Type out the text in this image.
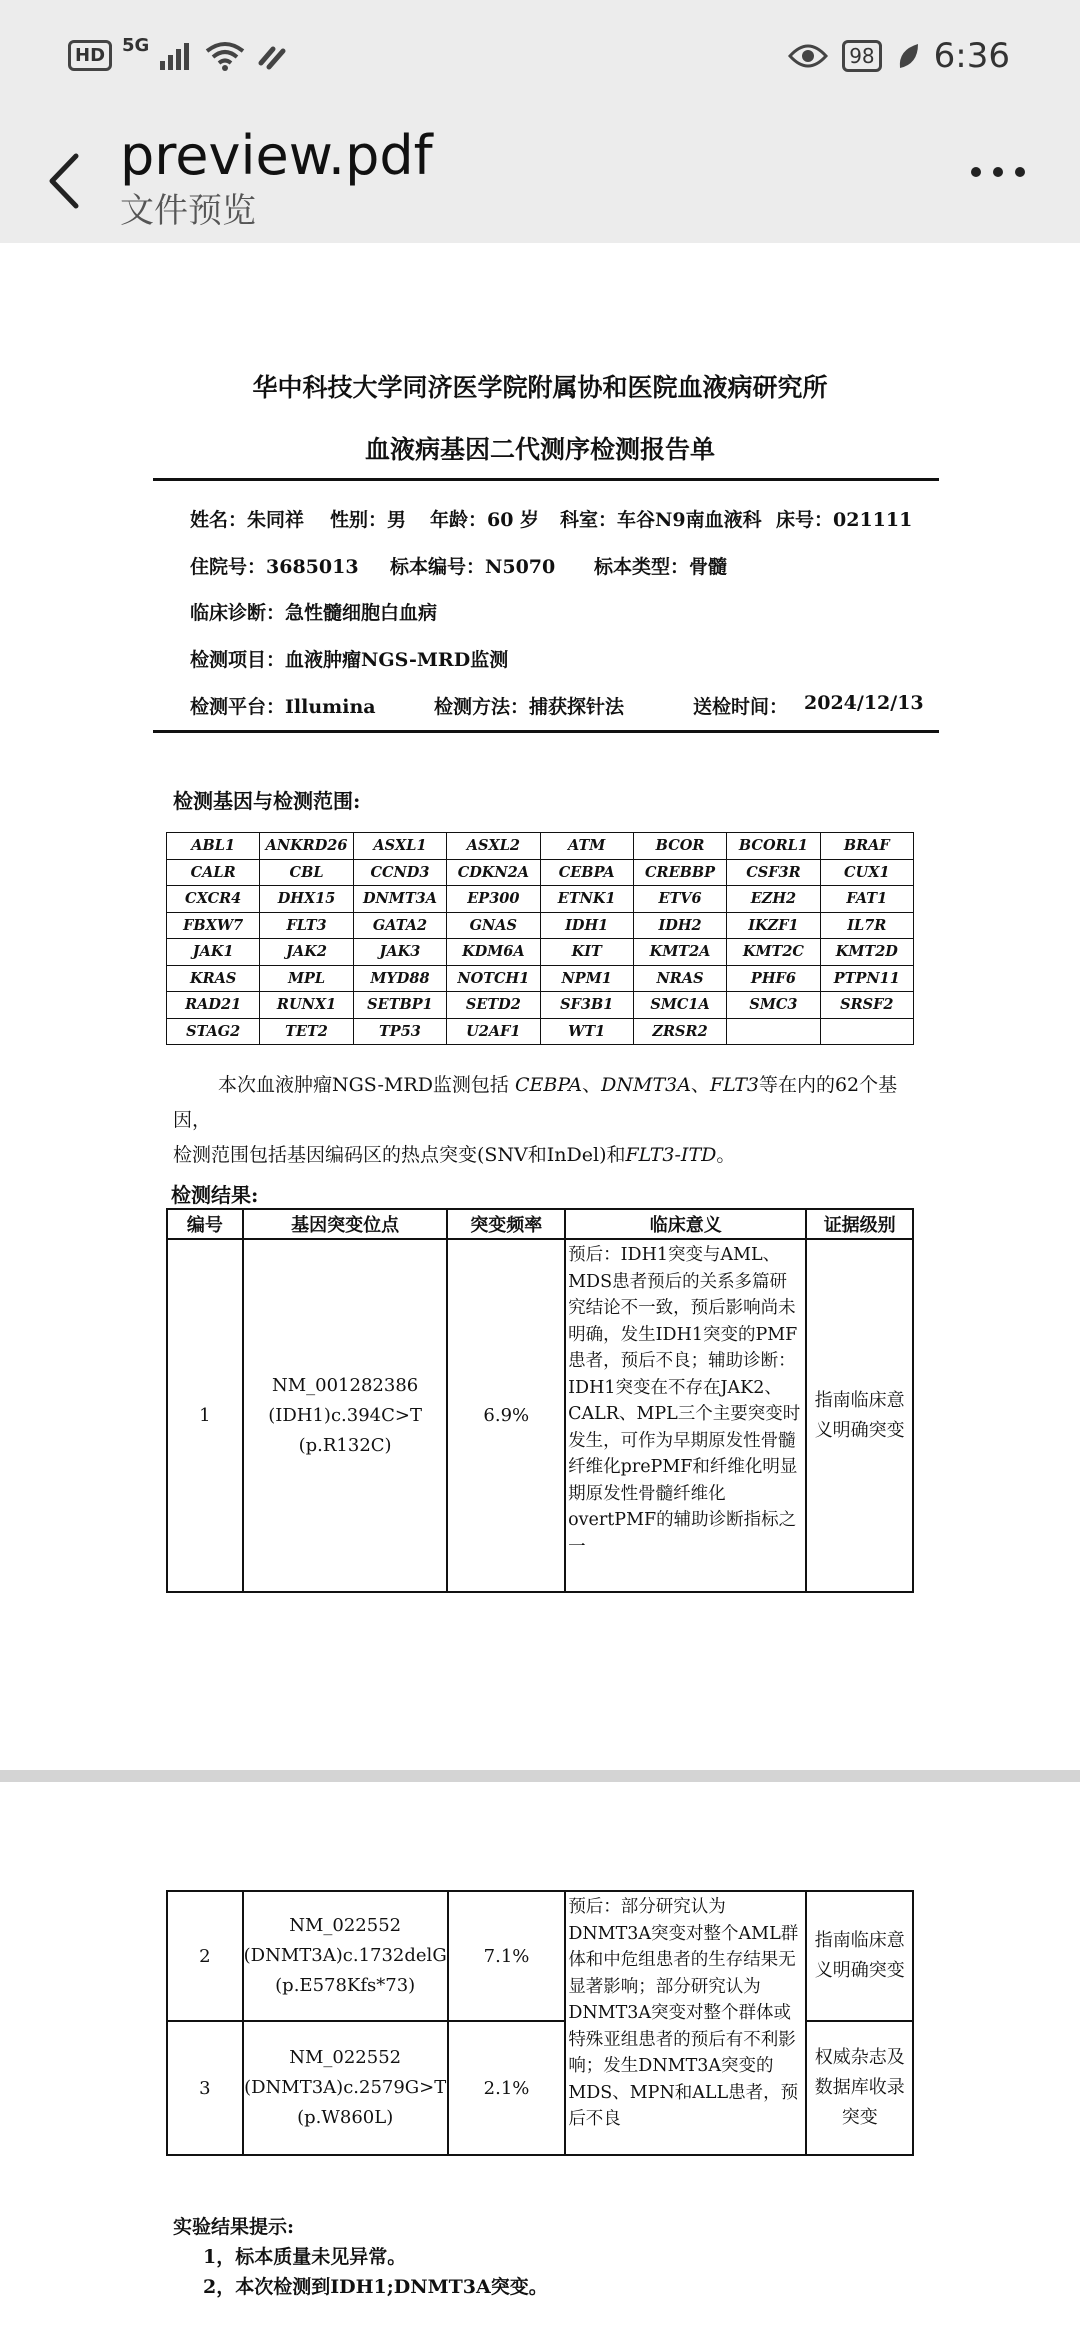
HD 5G	98 6:36
preview.pdf
文件预览
华中科技大学同济医学院附属协和医院血液病研究所
血液病基因二代测序检测报告单
姓名：朱同祥 性别：男 年龄：60 岁 科室：车谷N9南血液科 床号：021111
住院号：3685013 标本编号：N5070 标本类型：骨髓
临床诊断：急性髓细胞白血病
检测项目：血液肿瘤NGS-MRD监测
检测平台：Illumina	检测方法：捕获探针法	送检时间： 2024/12/13
检测基因与检测范围:
ABL1	ANKRD26	ASXL1	ASXL2	ATM	BCOR	BCORL1	BRAF
CALR	CBL	CCND3	CDKN2A	CEBPA	CREBBP	CSF3R	CUX1
CXCR4	DHX15	DNMT3A	EP300	ETNK1	ETV6	EZH2	FAT1
FBXW7	FLT3	GATA2	GNAS	IDH1	IDH2	IKZF1	IL7R
JAK1	JAK2	JAK3	KDM6A	KIT	KMT2A	KMT2C	KMT2D
KRAS	MPL	MYD88	NOTCH1	NPM1	NRAS	PHF6	PTPN11
RAD21	RUNX1	SETBP1	SETD2	SF3B1	SMC1A	SMC3	SRSF2
STAG2	TET2	TP53	U2AF1	WT1	ZRSR2		
本次血液肿瘤NGS-MRD监测包括 CEBPA、DNMT3A、FLT3等在内的62个基因，
检测范围包括基因编码区的热点突变(SNV和InDel)和FLT3-ITD。
检测结果:
编号	基因突变位点	突变频率	临床意义	证据级别
1	NM_001282386
(IDH1)c.394C>T
(p.R132C)	6.9%	预后：IDH1突变与AML、MDS患者预后的关系多篇研究结论不一致，预后影响尚未明确，发生IDH1突变的PMF患者，预后不良；辅助诊断：IDH1突变在不存在JAK2、CALR、MPL三个主要突变时发生，可作为早期原发性骨髓纤维化prePMF和纤维化明显期原发性骨髓纤维化overtPMF的辅助诊断指标之一	指南临床意义明确突变
2	NM_022552
(DNMT3A)c.1732delG
(p.E578Kfs*73)	7.1%	预后：部分研究认为DNMT3A突变对整个AML群体和中危组患者的生存结果无显著影响；部分研究认为DNMT3A突变对整个群体或特殊亚组患者的预后有不利影响；发生DNMT3A突变的MDS、MPN和ALL患者，预后不良	指南临床意义明确突变
3	NM_022552
(DNMT3A)c.2579G>T
(p.W860L)	2.1%		权威杂志及数据库收录突变
实验结果提示:
1，标本质量未见异常。
2，本次检测到IDH1;DNMT3A突变。
